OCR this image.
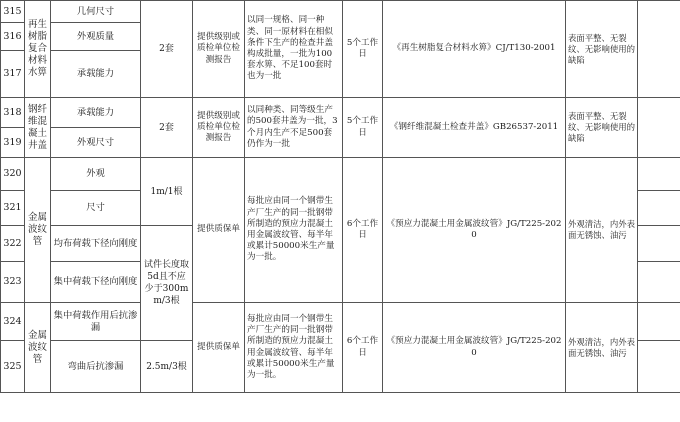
315	再生树脂复合材料水箅	几何尺寸	2套	提供级别或质检单位检测报告	以同一规格、同一种类、同一原材料在相似条件下生产的检查井盖构成批量，一批为100套水箅、不足100套时也为一批	5个工作日	《再生树脂复合材料水箅》CJ/T130-2001	表面平整、无裂纹、无影响使用的缺陷	
316		外观质量							
317		承载能力							
318	钢纤维混凝土井盖	承载能力	2套	提供级别或质检单位检测报告	以同种类、同等级生产的500套井盖为一批，3个月内生产不足500套仍作为一批	5个工作日	《钢纤维混凝土检查井盖》GB26537-2011	表面平整、无裂纹、无影响使用的缺陷	
319		外观尺寸							
320	金属波纹管	外观	1m/1根	提供质保单	每批应由同一个钢带生产厂生产的同一批钢带所制造的预应力混凝土用金属波纹管、每半年或累计50000米生产量为一批。	6个工作日	《预应力混凝土用金属波纹管》JG/T225-2020	外观清洁，内外表面无锈蚀、油污	
321		尺寸							
322		均布荷载下径向刚度	试件长度取5d且不应少于300mm/3根						
323		集中荷载下径向刚度							
324	金属波纹管	集中荷载作用后抗渗漏		提供质保单	每批应由同一个钢带生产厂生产的同一批钢带所制造的预应力混凝土用金属波纹管、每半年或累计50000米生产量为一批。	6个工作日	《预应力混凝土用金属波纹管》JG/T225-2020	外观清洁，内外表面无锈蚀、油污	
325		弯曲后抗渗漏	2.5m/3根						
